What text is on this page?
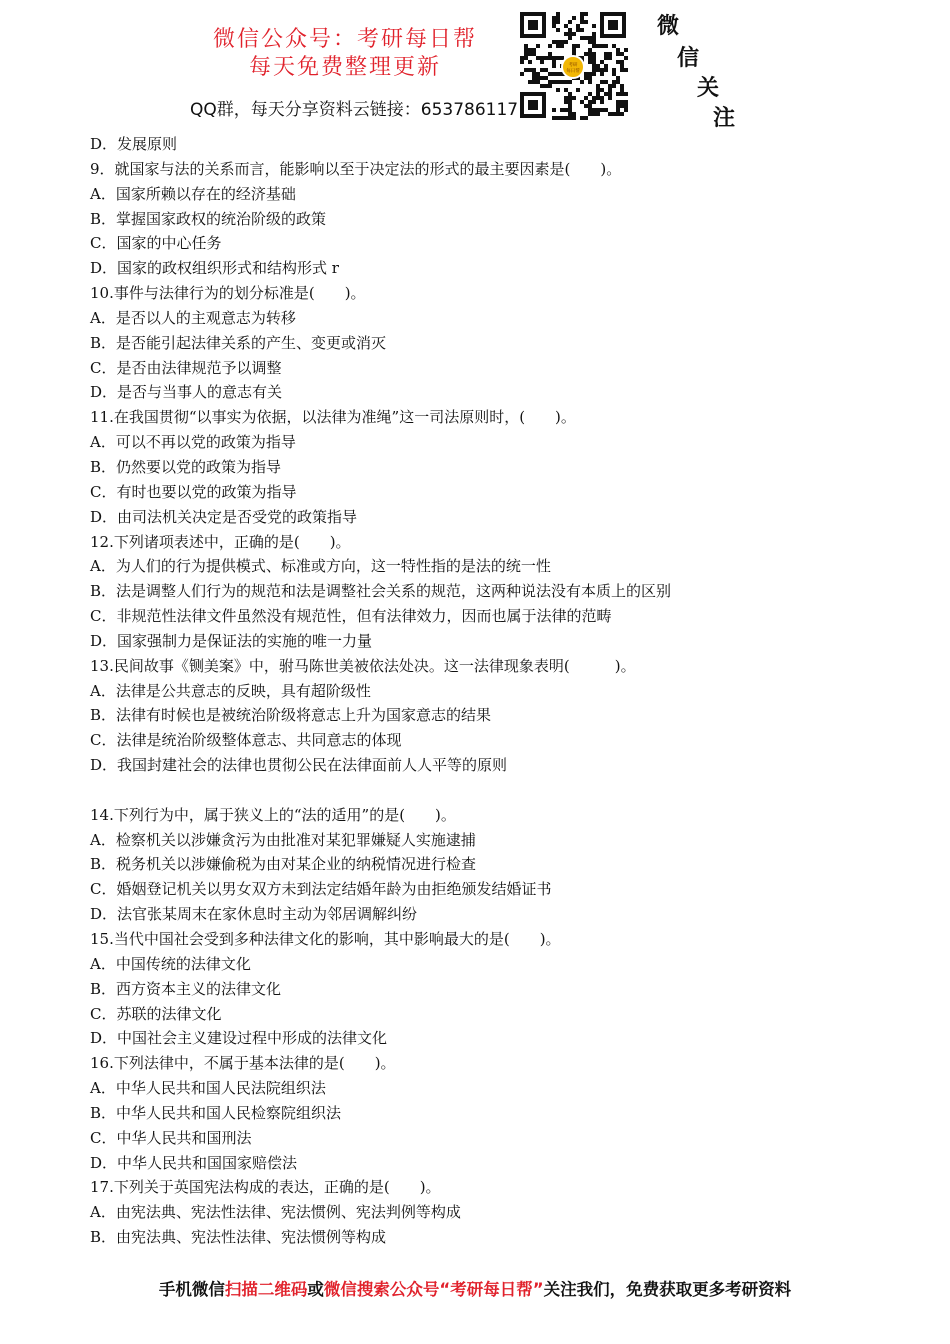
微信公众号：考研每日帮
每天免费整理更新
QQ群，每天分享资料云链接：653786117
考研
每日帮
微
信
关
注
D．发展原则
9．就国家与法的关系而言，能影响以至于决定法的形式的最主要因素是(　　)。
A．国家所赖以存在的经济基础
B．掌握国家政权的统治阶级的政策
C．国家的中心任务
D．国家的政权组织形式和结构形式 r
10.事件与法律行为的划分标准是(　　)。
A．是否以人的主观意志为转移
B．是否能引起法律关系的产生、变更或消灭
C．是否由法律规范予以调整
D．是否与当事人的意志有关
11.在我国贯彻“以事实为依据，以法律为准绳”这一司法原则时，(　　)。
A．可以不再以党的政策为指导
B．仍然要以党的政策为指导
C．有时也要以党的政策为指导
D．由司法机关决定是否受党的政策指导
12.下列诸项表述中，正确的是(　　)。
A．为人们的行为提供模式、标准或方向，这一特性指的是法的统一性
B．法是调整人们行为的规范和法是调整社会关系的规范，这两种说法没有本质上的区别
C．非规范性法律文件虽然没有规范性，但有法律效力，因而也属于法律的范畴
D．国家强制力是保证法的实施的唯一力量
13.民间故事《铡美案》中，驸马陈世美被依法处决。这一法律现象表明(　　　)。
A．法律是公共意志的反映，具有超阶级性
B．法律有时候也是被统治阶级将意志上升为国家意志的结果
C．法律是统治阶级整体意志、共同意志的体现
D．我国封建社会的法律也贯彻公民在法律面前人人平等的原则
14.下列行为中，属于狭义上的“法的适用”的是(　　)。
A．检察机关以涉嫌贪污为由批准对某犯罪嫌疑人实施逮捕
B．税务机关以涉嫌偷税为由对某企业的纳税情况进行检查
C．婚姻登记机关以男女双方未到法定结婚年龄为由拒绝颁发结婚证书
D．法官张某周末在家休息时主动为邻居调解纠纷
15.当代中国社会受到多种法律文化的影响，其中影响最大的是(　　)。
A．中国传统的法律文化
B．西方资本主义的法律文化
C．苏联的法律文化
D．中国社会主义建设过程中形成的法律文化
16.下列法律中，不属于基本法律的是(　　)。
A．中华人民共和国人民法院组织法
B．中华人民共和国人民检察院组织法
C．中华人民共和国刑法
D．中华人民共和国国家赔偿法
17.下列关于英国宪法构成的表达，正确的是(　　)。
A．由宪法典、宪法性法律、宪法惯例、宪法判例等构成
B．由宪法典、宪法性法律、宪法惯例等构成
手机微信扫描二维码或微信搜索公众号“考研每日帮”关注我们，免费获取更多考研资料
